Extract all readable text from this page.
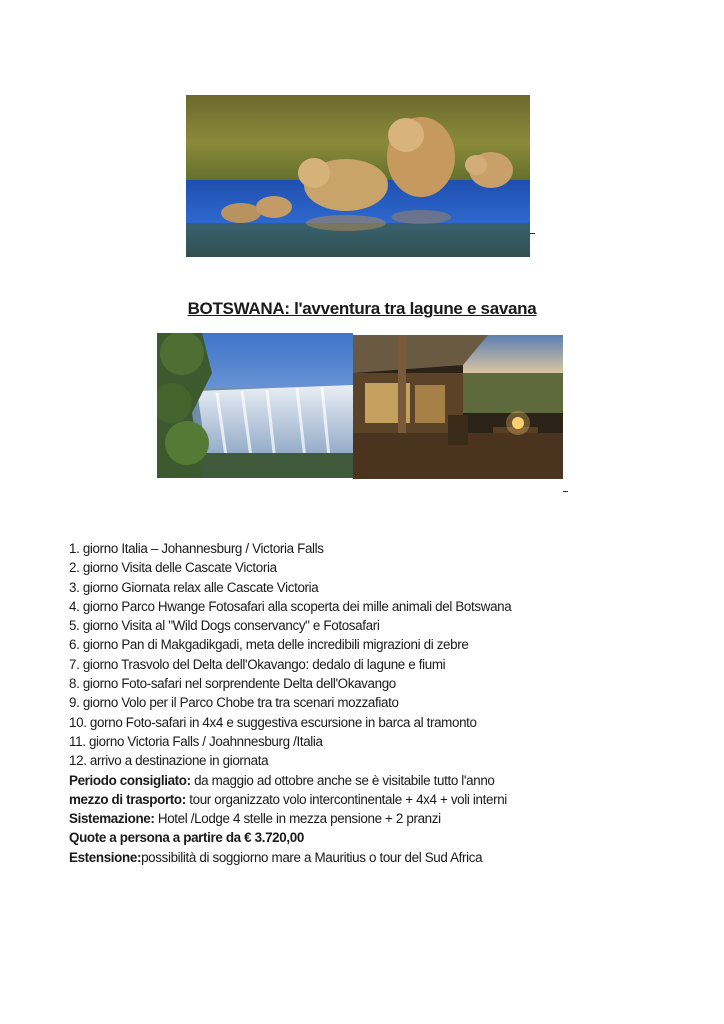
BOTSWANA: l'avventura tra lagune e savana
1. giorno Italia – Johannesburg / Victoria Falls
2. giorno Visita delle Cascate Victoria
3. giorno Giornata relax alle Cascate Victoria
4. giorno Parco Hwange Fotosafari alla scoperta dei mille animali del Botswana
5. giorno Visita al "Wild Dogs conservancy" e Fotosafari
6. giorno Pan di Makgadikgadi, meta delle incredibili migrazioni di zebre
7. giorno Trasvolo del Delta dell'Okavango: dedalo di lagune e fiumi
8. giorno Foto-safari nel sorprendente Delta dell'Okavango
9. giorno Volo per il Parco Chobe tra tra scenari mozzafiato
10. gorno Foto-safari in 4x4 e suggestiva escursione in barca al tramonto
11. giorno Victoria Falls / Joahnnesburg /Italia
12. arrivo a destinazione in giornata
Periodo consigliato: da maggio ad ottobre anche se è visitabile tutto l'anno
mezzo di trasporto: tour organizzato volo intercontinentale + 4x4 + voli interni
Sistemazione: Hotel /Lodge 4 stelle in mezza pensione + 2 pranzi
Quote a persona a partire da € 3.720,00
Estensione:possibilità di soggiorno mare a Mauritius o tour del Sud Africa
